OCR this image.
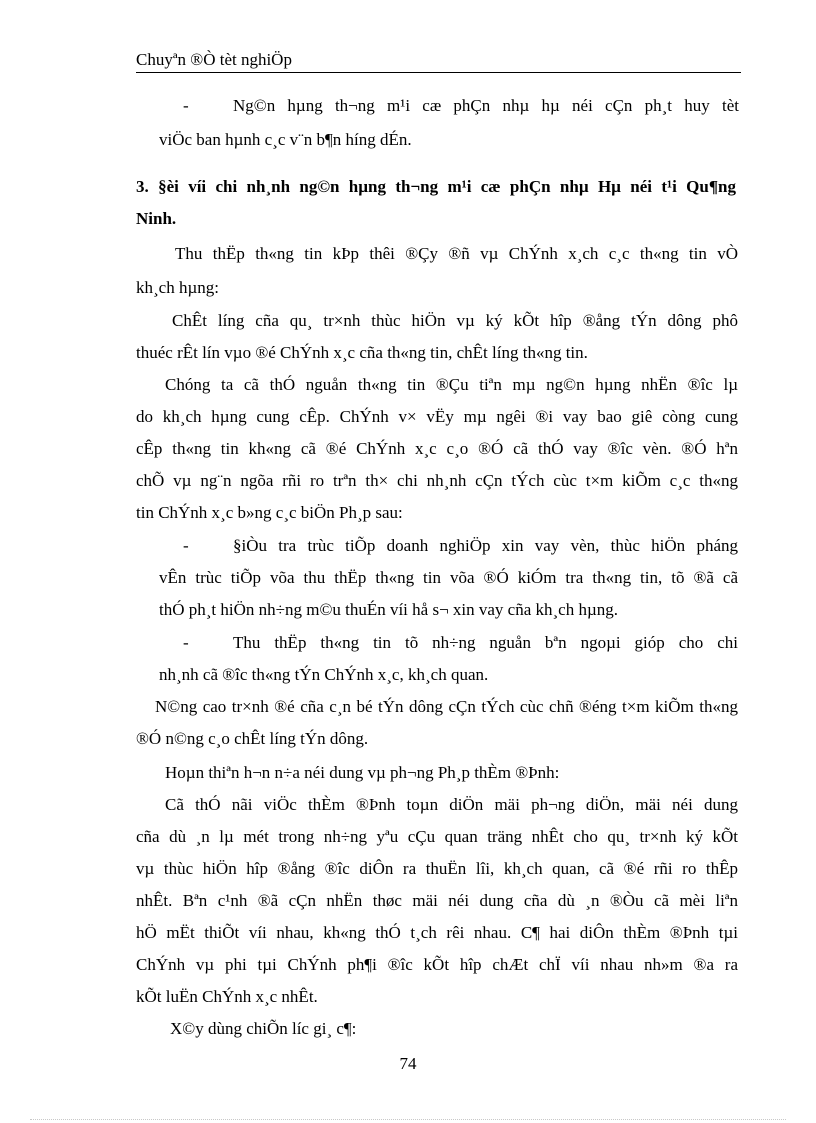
Chuyªn ®Ò tèt nghiÖp
-	Ng©n hµng th¬ng m¹i cæ phÇn nhµ hµ néi cÇn ph¸t huy tèt
viÖc ban hµnh c¸c v¨n b¶n híng dÉn.
3. §èi víi chi nh¸nh ng©n hµng th¬ng m¹i cæ phÇn nhµ Hµ néi t¹i Qu¶ng
Ninh.
Thu thËp th«ng tin kÞp thêi ®Çy ®ñ vµ ChÝnh x¸ch c¸c th«ng tin vÒ
kh¸ch hµng:
ChÊt líng cña qu¸ tr×nh thùc hiÖn vµ ký kÕt hîp ®ång tÝn dông phô
thuéc rÊt lín vµo ®é ChÝnh x¸c cña th«ng tin, chÊt líng th«ng tin.
Chóng ta cã thÓ nguån th«ng tin ®Çu tiªn mµ ng©n hµng nhËn ®îc lµ
do kh¸ch hµng cung cÊp. ChÝnh v× vËy mµ ngêi ®i vay bao giê còng cung
cÊp th«ng tin kh«ng cã ®é ChÝnh x¸c c¸o ®Ó cã thÓ vay ®îc vèn. ®Ó hªn
chÕ vµ ng¨n ngõa rñi ro trªn th× chi nh¸nh cÇn tÝch cùc t×m kiÕm c¸c th«ng
tin ChÝnh x¸c b»ng c¸c biÖn Ph¸p sau:
-	§iÒu tra trùc tiÕp doanh nghiÖp xin vay vèn, thùc hiÖn pháng
vÊn trùc tiÕp võa thu thËp th«ng tin võa ®Ó kiÓm tra th«ng tin, tõ ®ã cã
thÓ ph¸t hiÖn nh÷ng m©u thuÉn víi hå s¬ xin vay cña kh¸ch hµng.
-	Thu thËp th«ng tin tõ nh÷ng nguån bªn ngoµi gióp cho chi
nh¸nh cã ®îc th«ng tÝn ChÝnh x¸c, kh¸ch quan.
N©ng cao tr×nh ®é cña c¸n bé tÝn dông cÇn tÝch cùc chñ ®éng t×m kiÕm th«ng
®Ó n©ng c¸o chÊt líng tÝn dông.
Hoµn thiªn h¬n n÷a néi dung vµ ph¬ng Ph¸p thÈm ®Þnh:
Cã thÓ nãi viÖc thÈm ®Þnh toµn diÖn mäi ph¬ng diÖn, mäi néi dung
cña dù ¸n lµ mét trong nh÷ng yªu cÇu quan träng nhÊt cho qu¸ tr×nh ký kÕt
vµ thùc hiÖn hîp ®ång ®îc diÔn ra thuËn lîi, kh¸ch quan, cã ®é rñi ro thÊp
nhÊt. Bªn c¹nh ®ã cÇn nhËn thøc mäi néi dung cña dù ¸n ®Òu cã mèi liªn
hÖ mËt thiÕt víi nhau, kh«ng thÓ t¸ch rêi nhau. C¶ hai diÔn thÈm ®Þnh tµi
ChÝnh vµ phi tµi ChÝnh ph¶i ®îc kÕt hîp chÆt chÏ víi nhau nh»m ®a ra
kÕt luËn ChÝnh x¸c nhÊt.
X©y dùng chiÕn líc gi¸ c¶:
74
